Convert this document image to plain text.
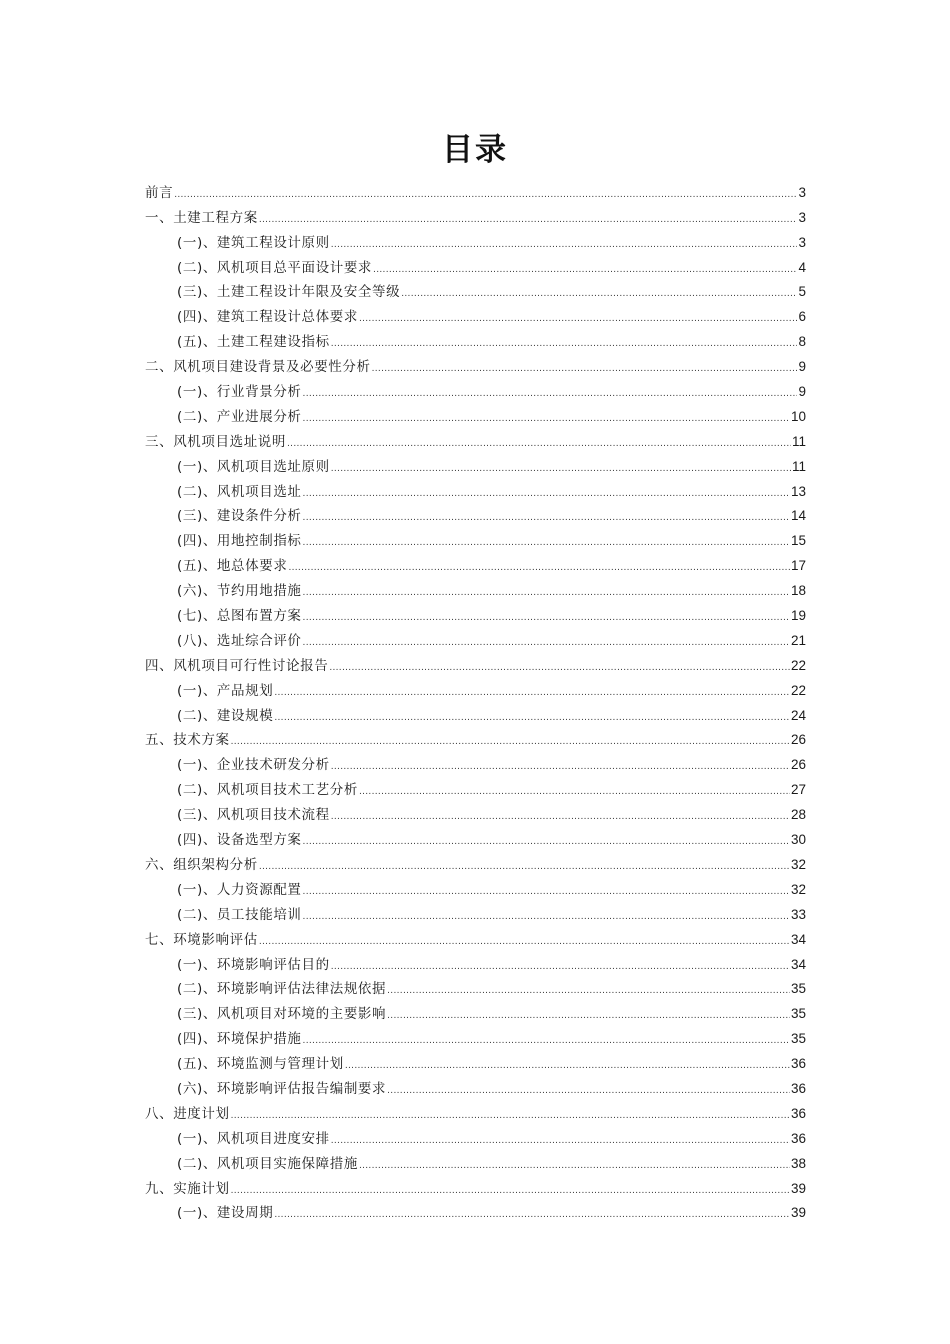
目录
前言 .....	3
一、土建工程方案 .....	3
(一)、建筑工程设计原则 .....	3
(二)、风机项目总平面设计要求 .....	4
(三)、土建工程设计年限及安全等级 .....	5
(四)、建筑工程设计总体要求 .....	6
(五)、土建工程建设指标 .....	8
二、风机项目建设背景及必要性分析 .....	9
(一)、行业背景分析 .....	9
(二)、产业进展分析 .....	10
三、风机项目选址说明 .....	11
(一)、风机项目选址原则 .....	11
(二)、风机项目选址 .....	13
(三)、建设条件分析 .....	14
(四)、用地控制指标 .....	15
(五)、地总体要求 .....	17
(六)、节约用地措施 .....	18
(七)、总图布置方案 .....	19
(八)、选址综合评价 .....	21
四、风机项目可行性讨论报告 .....	22
(一)、产品规划 .....	22
(二)、建设规模 .....	24
五、技术方案 .....	26
(一)、企业技术研发分析 .....	26
(二)、风机项目技术工艺分析 .....	27
(三)、风机项目技术流程 .....	28
(四)、设备选型方案 .....	30
六、组织架构分析 .....	32
(一)、人力资源配置 .....	32
(二)、员工技能培训 .....	33
七、环境影响评估 .....	34
(一)、环境影响评估目的 .....	34
(二)、环境影响评估法律法规依据 .....	35
(三)、风机项目对环境的主要影响 .....	35
(四)、环境保护措施 .....	35
(五)、环境监测与管理计划 .....	36
(六)、环境影响评估报告编制要求 .....	36
八、进度计划 .....	36
(一)、风机项目进度安排 .....	36
(二)、风机项目实施保障措施 .....	38
九、实施计划 .....	39
(一)、建设周期 .....	39
